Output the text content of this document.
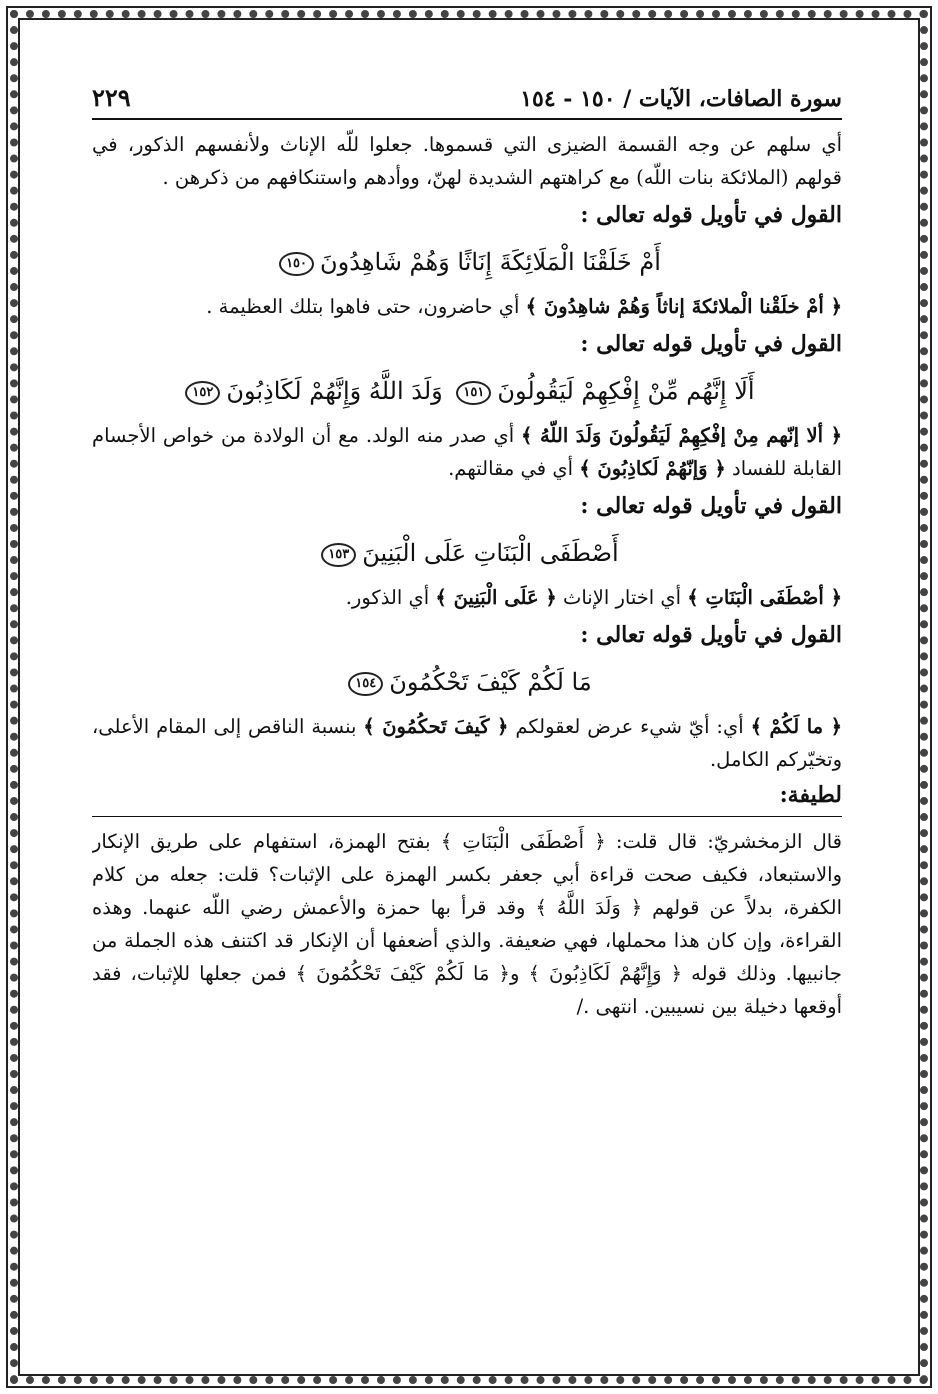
سورة الصافات، الآيات / ١٥٠ - ١٥٤
٢٢٩

أي سلهم عن وجه القسمة الضيزى التي قسموها. جعلوا للّه الإناث ولأنفسهم الذكور، في قولهم (الملائكة بنات اللّه) مع كراهتهم الشديدة لهنّ، ووأدهم واستنكافهم من ذكرهن .

القول في تأويل قوله تعالى :
أَمْ خَلَقْنَا الْمَلَائِكَةَ إِنَاثًا وَهُمْ شَاهِدُونَ١٥٠

﴿ أمْ خلَقْنا الْملائكةَ إناثاً وَهُمْ شاهِدُونَ ﴾ أي حاضرون، حتى فاهوا بتلك العظيمة .

القول في تأويل قوله تعالى :
أَلَا إِنَّهُم مِّنْ إِفْكِهِمْ لَيَقُولُونَ١٥١ وَلَدَ اللَّهُ وَإِنَّهُمْ لَكَاذِبُونَ١٥٢

﴿ ألا إنّهم مِنْ إفْكِهِمْ لَيَقُولُونَ وَلَدَ اللّهُ ﴾ أي صدر منه الولد. مع أن الولادة من خواص الأجسام القابلة للفساد ﴿ وَإنّهُمْ لَكاذِبُونَ ﴾ أي في مقالتهم.

القول في تأويل قوله تعالى :
أَصْطَفَى الْبَنَاتِ عَلَى الْبَنِينَ١٥٣

﴿ أصْطَفَى الْبَنَاتِ ﴾ أي اختار الإناث ﴿ عَلَى الْبَنِينَ ﴾ أي الذكور.

القول في تأويل قوله تعالى :
مَا لَكُمْ كَيْفَ تَحْكُمُونَ١٥٤

﴿ ما لَكُمْ ﴾ أي: أيّ شيء عرض لعقولكم ﴿ كَيفَ تَحكُمُونَ ﴾ بنسبة الناقص إلى المقام الأعلى، وتخيّركم الكامل.

لطيفة:

قال الزمخشريّ: قال قلت: ﴿ أَصْطَفَى الْبَنَاتِ ﴾ بفتح الهمزة، استفهام على طريق الإنكار والاستبعاد، فكيف صحت قراءة أبي جعفر بكسر الهمزة على الإثبات؟ قلت: جعله من كلام الكفرة، بدلاً عن قولهم ﴿ وَلَدَ اللَّهُ ﴾ وقد قرأ بها حمزة والأعمش رضي اللّه عنهما. وهذه القراءة، وإن كان هذا محملها، فهي ضعيفة. والذي أضعفها أن الإنكار قد اكتنف هذه الجملة من جانبيها. وذلك قوله ﴿ وَإِنَّهُمْ لَكَاذِبُونَ ﴾ و﴿ مَا لَكُمْ كَيْفَ تَحْكُمُونَ ﴾ فمن جعلها للإثبات، فقد أوقعها دخيلة بين نسيبين. انتهى ./
